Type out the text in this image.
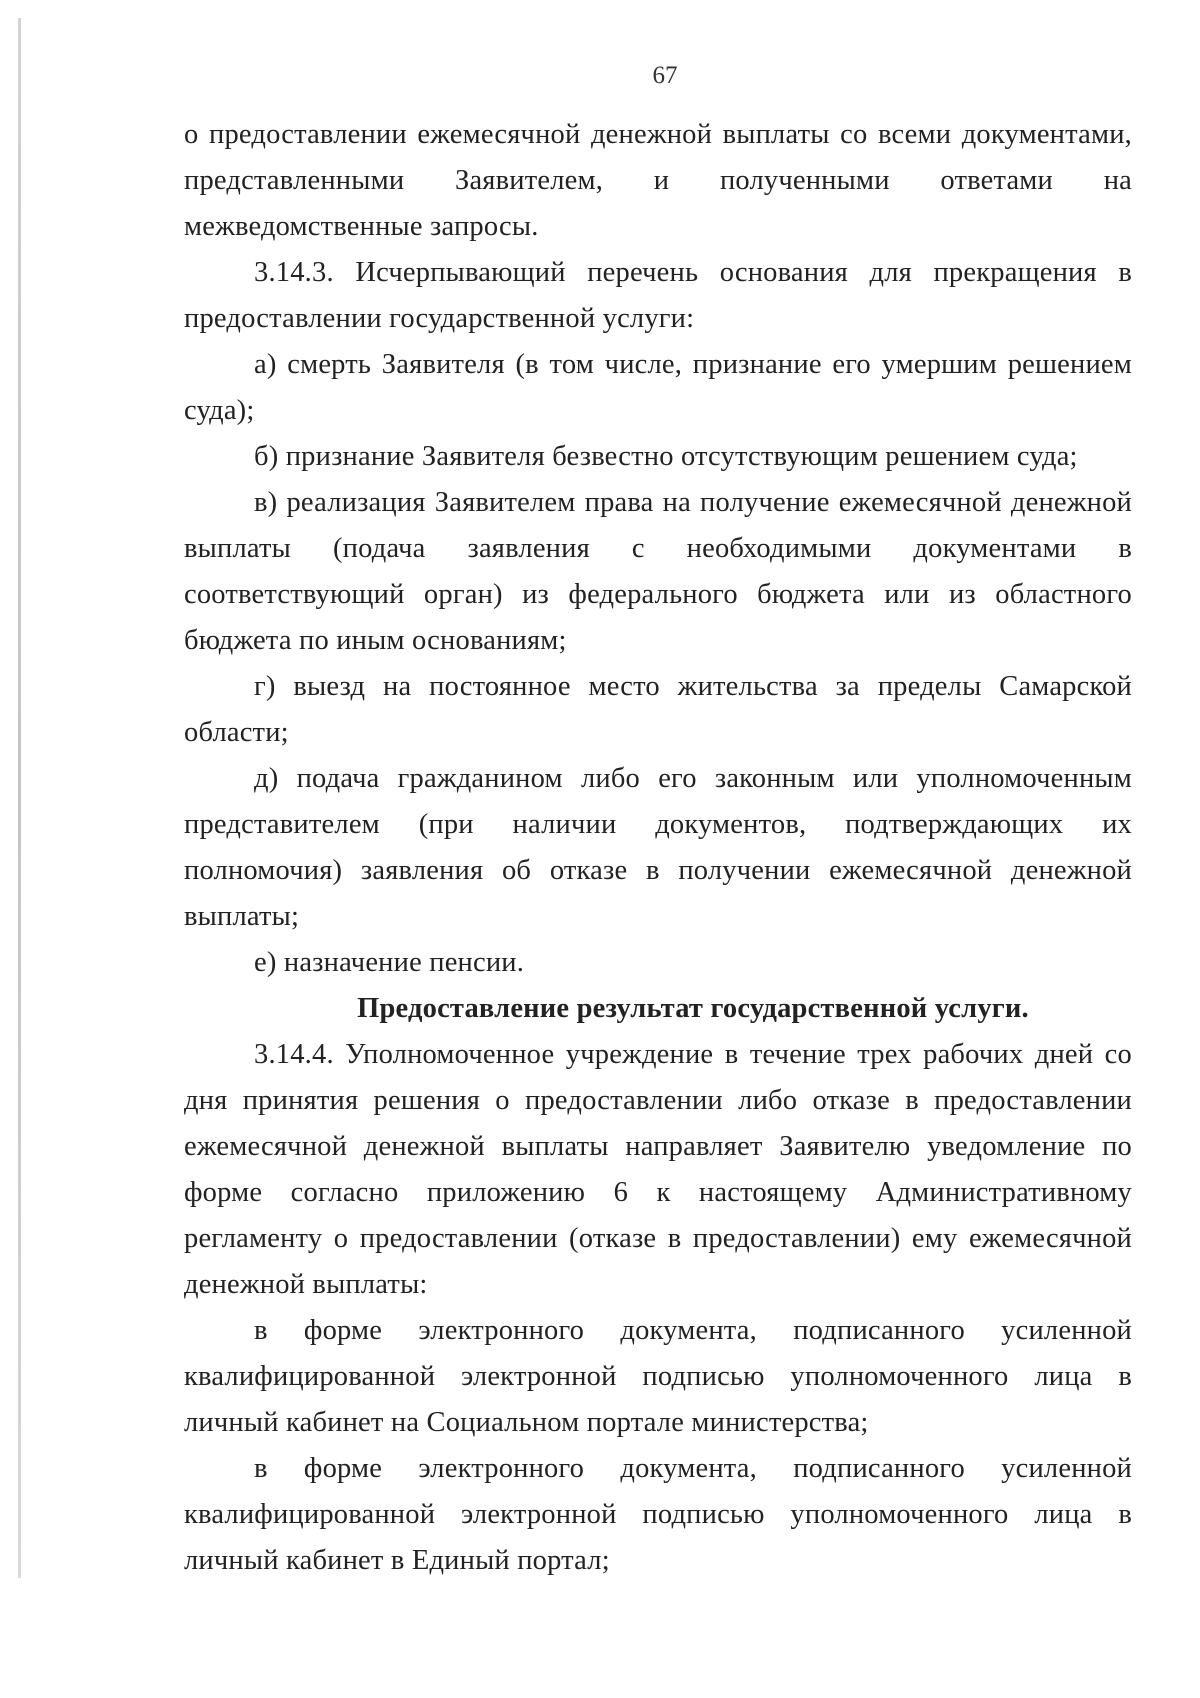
67

о предоставлении ежемесячной денежной выплаты со всеми документами, представленными Заявителем, и полученными ответами на межведомственные запросы.

3.14.3. Исчерпывающий перечень основания для прекращения в предоставлении государственной услуги:

а) смерть Заявителя (в том числе, признание его умершим решением суда);

б) признание Заявителя безвестно отсутствующим решением суда;

в) реализация Заявителем права на получение ежемесячной денежной выплаты (подача заявления с необходимыми документами в соответствующий орган) из федерального бюджета или из областного бюджета по иным основаниям;

г) выезд на постоянное место жительства за пределы Самарской области;

д) подача гражданином либо его законным или уполномоченным представителем (при наличии документов, подтверждающих их полномочия) заявления об отказе в получении ежемесячной денежной выплаты;

е) назначение пенсии.

Предоставление результат государственной услуги.

3.14.4. Уполномоченное учреждение в течение трех рабочих дней со дня принятия решения о предоставлении либо отказе в предоставлении ежемесячной денежной выплаты направляет Заявителю уведомление по форме согласно приложению 6 к настоящему Административному регламенту о предоставлении (отказе в предоставлении) ему ежемесячной денежной выплаты:

в форме электронного документа, подписанного усиленной квалифицированной электронной подписью уполномоченного лица в личный кабинет на Социальном портале министерства;

в форме электронного документа, подписанного усиленной квалифицированной электронной подписью уполномоченного лица в личный кабинет в Единый портал;
